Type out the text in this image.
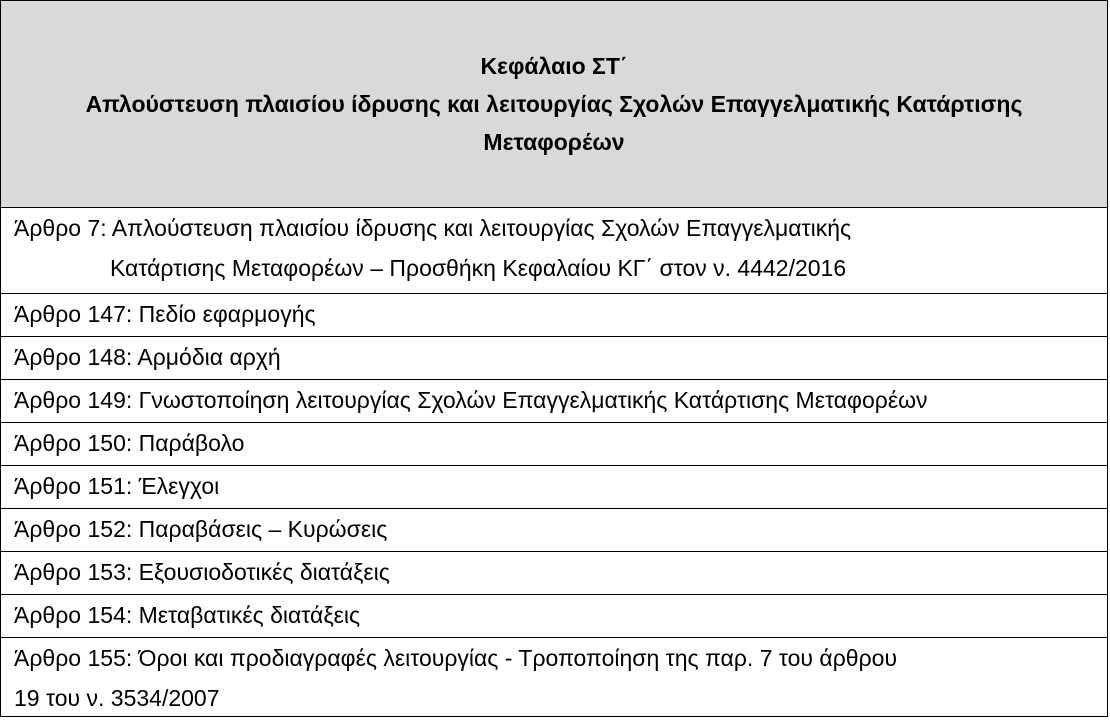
Κεφάλαιο ΣΤ΄
Απλούστευση πλαισίου ίδρυσης και λειτουργίας Σχολών Επαγγελματικής Κατάρτισης
Μεταφορέων
Άρθρο 7: Απλούστευση πλαισίου ίδρυσης και λειτουργίας Σχολών Επαγγελματικής
Κατάρτισης Μεταφορέων – Προσθήκη Κεφαλαίου ΚΓ΄ στον ν. 4442/2016
Άρθρο 147: Πεδίο εφαρμογής
Άρθρο 148: Αρμόδια αρχή
Άρθρο 149: Γνωστοποίηση λειτουργίας Σχολών Επαγγελματικής Κατάρτισης Μεταφορέων
Άρθρο 150: Παράβολο
Άρθρο 151: Έλεγχοι
Άρθρο 152: Παραβάσεις – Κυρώσεις
Άρθρο 153: Εξουσιοδοτικές διατάξεις
Άρθρο 154: Μεταβατικές διατάξεις
Άρθρο 155: Όροι και προδιαγραφές λειτουργίας - Τροποποίηση της παρ. 7 του άρθρου
19 του ν. 3534/2007
